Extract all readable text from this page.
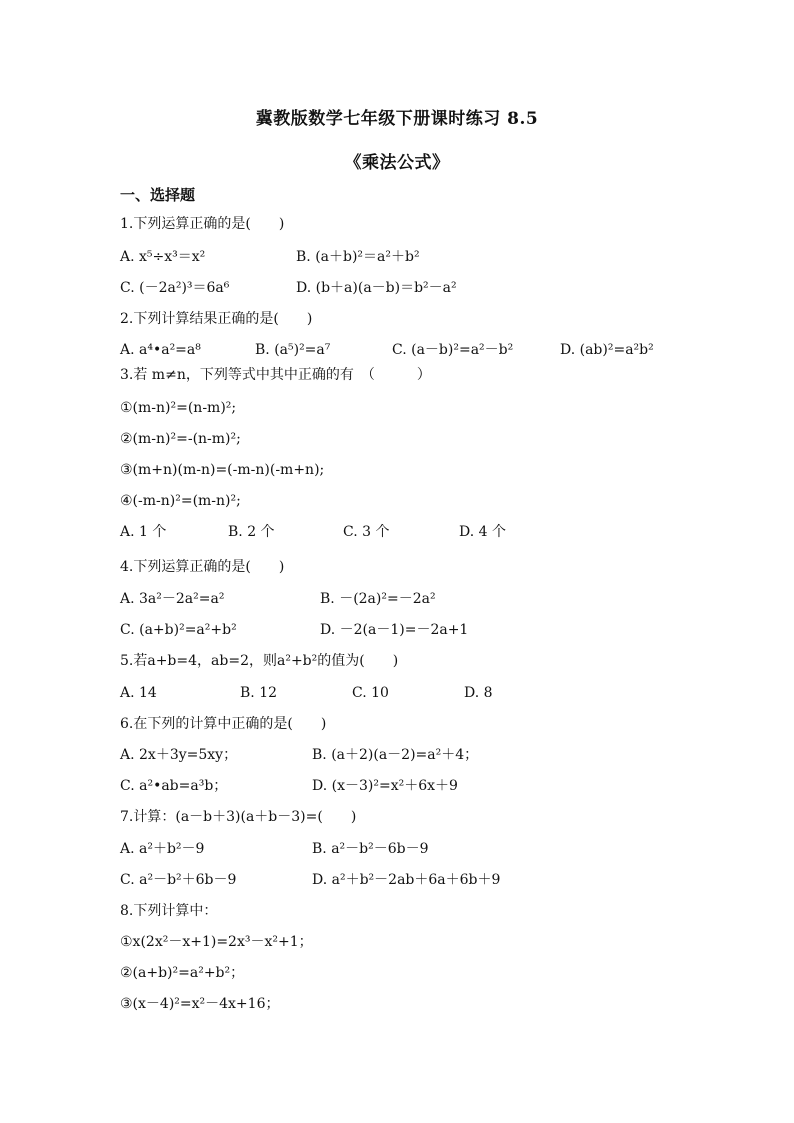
冀教版数学七年级下册课时练习 8.5
《乘法公式》
一、选择题
1.下列运算正确的是(　　)
A. x⁵÷x³＝x²	B. (a＋b)²＝a²＋b²
C. (－2a²)³＝6a⁶	D. (b＋a)(a－b)＝b²－a²
2.下列计算结果正确的是(　　)
A. a⁴•a²=a⁸	B. (a⁵)²=a⁷	C. (a－b)²=a²－b²	D. (ab)²=a²b²
3.若 m≠n，下列等式中其中正确的有　（　　　）
①(m-n)²=(n-m)²;
②(m-n)²=-(n-m)²;
③(m+n)(m-n)=(-m-n)(-m+n);
④(-m-n)²=(m-n)²;
A. 1 个	B. 2 个	C. 3 个	D. 4 个
4.下列运算正确的是(　　)
A. 3a²－2a²=a²	B. －(2a)²=－2a²
C. (a+b)²=a²+b²	D. －2(a－1)=－2a+1
5.若a+b=4，ab=2，则a²+b²的值为(　　)
A. 14	B. 12	C. 10	D. 8
6.在下列的计算中正确的是(　　)
A. 2x＋3y=5xy；	B. (a＋2)(a－2)=a²＋4；
C. a²•ab=a³b；	D. (x－3)²=x²＋6x＋9
7.计算：(a－b＋3)(a＋b－3)=(　　)
A. a²＋b²－9	B. a²－b²－6b－9
C. a²－b²＋6b－9	D. a²＋b²－2ab＋6a＋6b＋9
8.下列计算中：
①x(2x²－x+1)=2x³－x²+1；
②(a+b)²=a²+b²；
③(x－4)²=x²－4x+16；
